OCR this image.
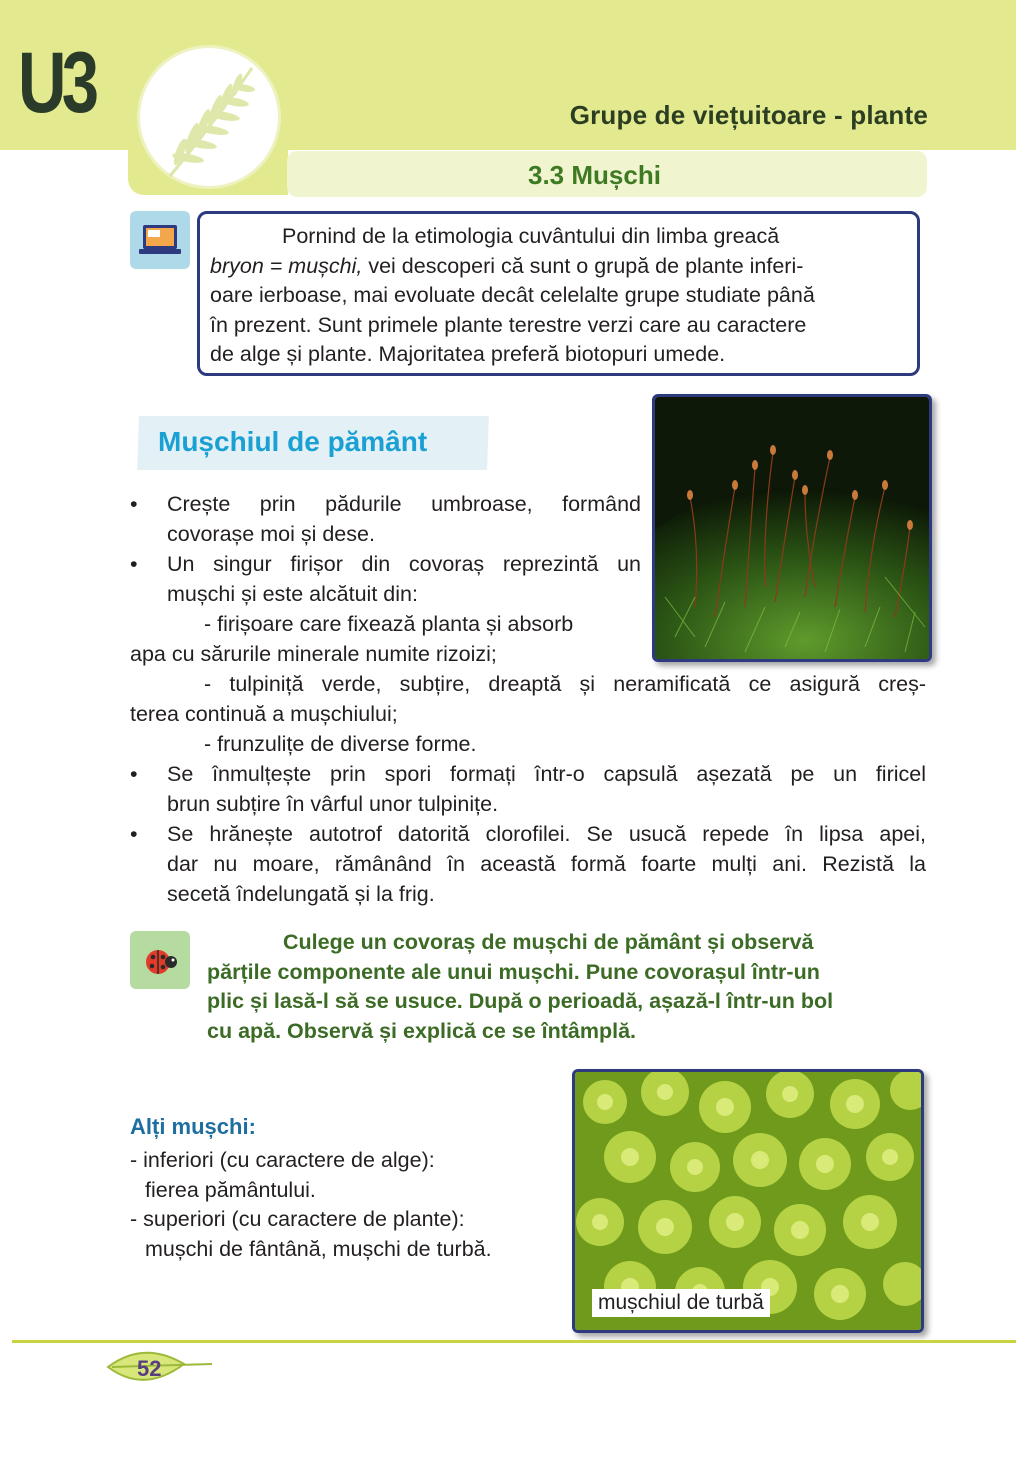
U3	Grupe de viețuitoare - plante
3.3 Mușchi
Pornind de la etimologia cuvântului din limba greacă
bryon = mușchi, vei descoperi că sunt o grupă de plante inferi-
oare ierboase, mai evoluate decât celelalte grupe studiate până
în prezent. Sunt primele plante terestre verzi care au caractere
de alge și plante. Majoritatea preferă biotopuri umede.
Mușchiul de pământ
• Crește prin pădurile umbroase, formând
covorașe moi și dese.
• Un singur firișor din covoraș reprezintă un
mușchi și este alcătuit din:
- firișoare care fixează planta și absorb
apa cu sărurile minerale numite rizoizi;
- tulpiniță verde, subțire, dreaptă și neramificată ce asigură creș-
terea continuă a mușchiului;
- frunzulițe de diverse forme.
• Se înmulțește prin spori formați într-o capsulă așezată pe un firicel
brun subțire în vârful unor tulpinițe.
• Se hrănește autotrof datorită clorofilei. Se usucă repede în lipsa apei,
dar nu moare, rămânând în această formă foarte mulți ani. Rezistă la
secetă îndelungată și la frig.
Culege un covoraș de mușchi de pământ și observă
părțile componente ale unui mușchi. Pune covorașul într-un
plic și lasă-l să se usuce. După o perioadă, așază-l într-un bol
cu apă. Observă și explică ce se întâmplă.
Alți mușchi:
- inferiori (cu caractere de alge):
fierea pământului.
- superiori (cu caractere de plante):
mușchi de fântână, mușchi de turbă.
mușchiul de turbă
52
